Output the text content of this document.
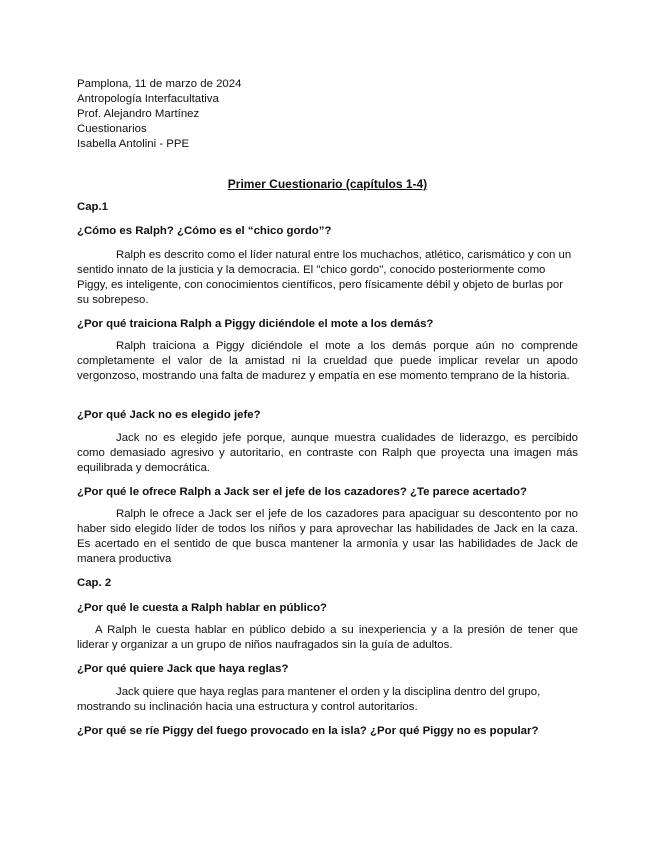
Pamplona, 11 de marzo de 2024
Antropología Interfacultativa
Prof. Alejandro Martínez
Cuestionarios
Isabella Antolini - PPE
Primer Cuestionario (capítulos 1-4)
Cap.1
¿Cómo es Ralph? ¿Cómo es el “chico gordo”?
Ralph es descrito como el líder natural entre los muchachos, atlético, carismático y con un sentido innato de la justicia y la democracia. El "chico gordo", conocido posteriormente como Piggy, es inteligente, con conocimientos científicos, pero físicamente débil y objeto de burlas por su sobrepeso.
¿Por qué traiciona Ralph a Piggy diciéndole el mote a los demás?
Ralph traiciona a Piggy diciéndole el mote a los demás porque aún no comprende completamente el valor de la amistad ni la crueldad que puede implicar revelar un apodo vergonzoso, mostrando una falta de madurez y empatía en ese momento temprano de la historia.
¿Por qué Jack no es elegido jefe?
Jack no es elegido jefe porque, aunque muestra cualidades de liderazgo, es percibido como demasiado agresivo y autoritario, en contraste con Ralph que proyecta una imagen más equilibrada y democrática.
¿Por qué le ofrece Ralph a Jack ser el jefe de los cazadores? ¿Te parece acertado?
Ralph le ofrece a Jack ser el jefe de los cazadores para apaciguar su descontento por no haber sido elegido líder de todos los niños y para aprovechar las habilidades de Jack en la caza. Es acertado en el sentido de que busca mantener la armonía y usar las habilidades de Jack de manera productiva
Cap. 2
¿Por qué le cuesta a Ralph hablar en público?
A Ralph le cuesta hablar en público debido a su inexperiencia y a la presión de tener que liderar y organizar a un grupo de niños naufragados sin la guía de adultos.
¿Por qué quiere Jack que haya reglas?
Jack quiere que haya reglas para mantener el orden y la disciplina dentro del grupo, mostrando su inclinación hacia una estructura y control autoritarios.
¿Por qué se ríe Piggy del fuego provocado en la isla? ¿Por qué Piggy no es popular?
